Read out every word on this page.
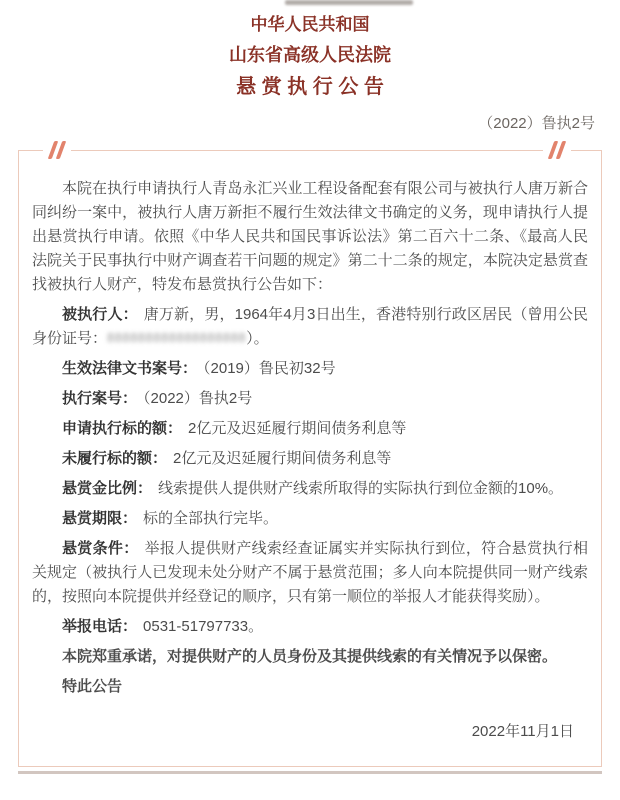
中华人民共和国

山东省高级人民法院

悬 赏 执 行 公 告

（2022）鲁执2号

本院在执行申请执行人青岛永汇兴业工程设备配套有限公司与被执行人唐万新合同纠纷一案中，被执行人唐万新拒不履行生效法律文书确定的义务，现申请执行人提出悬赏执行申请。依照《中华人民共和国民事诉讼法》第二百六十二条、《最高人民法院关于民事执行中财产调查若干问题的规定》第二十二条的规定，本院决定悬赏查找被执行人财产，特发布悬赏执行公告如下：

被执行人： 唐万新，男，1964年4月3日出生，香港特别行政区居民（曾用公民身份证号：888888888888888888）。

生效法律文书案号： （2019）鲁民初32号

执行案号： （2022）鲁执2号

申请执行标的额： 2亿元及迟延履行期间债务利息等

未履行标的额： 2亿元及迟延履行期间债务利息等

悬赏金比例： 线索提供人提供财产线索所取得的实际执行到位金额的10%。

悬赏期限： 标的全部执行完毕。

悬赏条件： 举报人提供财产线索经查证属实并实际执行到位，符合悬赏执行相关规定（被执行人已发现未处分财产不属于悬赏范围；多人向本院提供同一财产线索的，按照向本院提供并经登记的顺序，只有第一顺位的举报人才能获得奖励）。

举报电话： 0531-51797733。

本院郑重承诺，对提供财产的人员身份及其提供线索的有关情况予以保密。

特此公告

2022年11月1日
